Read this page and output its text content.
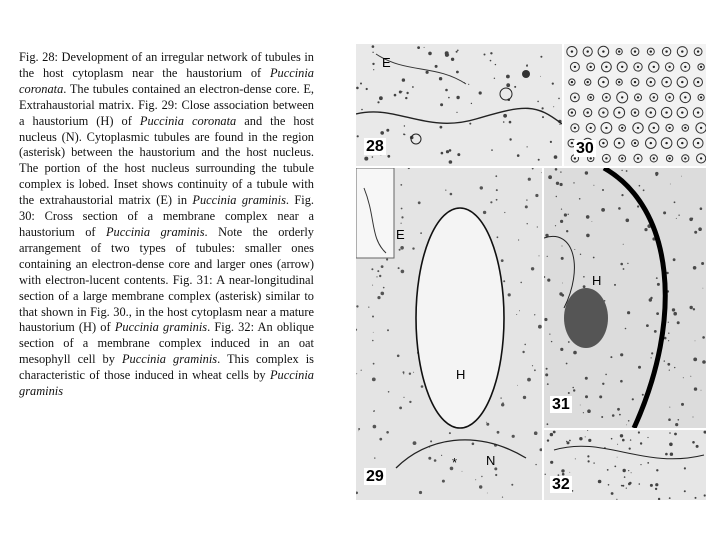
Fig. 28: Development of an irregular network of tubules in the host cytoplasm near the haustorium of Puccinia coronata. The tubules contained an electron-dense core. E, Extrahaustorial matrix. Fig. 29: Close association between a haustorium (H) of Puccinia coronata and the host nucleus (N). Cytoplasmic tubules are found in the region (asterisk) between the haustorium and the host nucleus. The portion of the host nucleus surrounding the tubule complex is lobed. Inset shows continuity of a tubule with the extrahaustorial matrix (E) in Puccinia graminis. Fig. 30: Cross section of a membrane complex near a haustorium of Puccinia graminis. Note the orderly arrangement of two types of tubules: smaller ones containing an electron-dense core and larger ones (arrow) with electron-lucent contents. Fig. 31: A near-longitudinal section of a large membrane complex (asterisk) similar to that shown in Fig. 30., in the host cytoplasm near a mature haustorium (H) of Puccinia graminis. Fig. 32: An oblique section of a membrane complex induced in an oat mesophyll cell by Puccinia graminis. This complex is characteristic of those induced in wheat cells by Puccinia graminis
E
28	30
E
H
N
*
29
H
*
31
32
